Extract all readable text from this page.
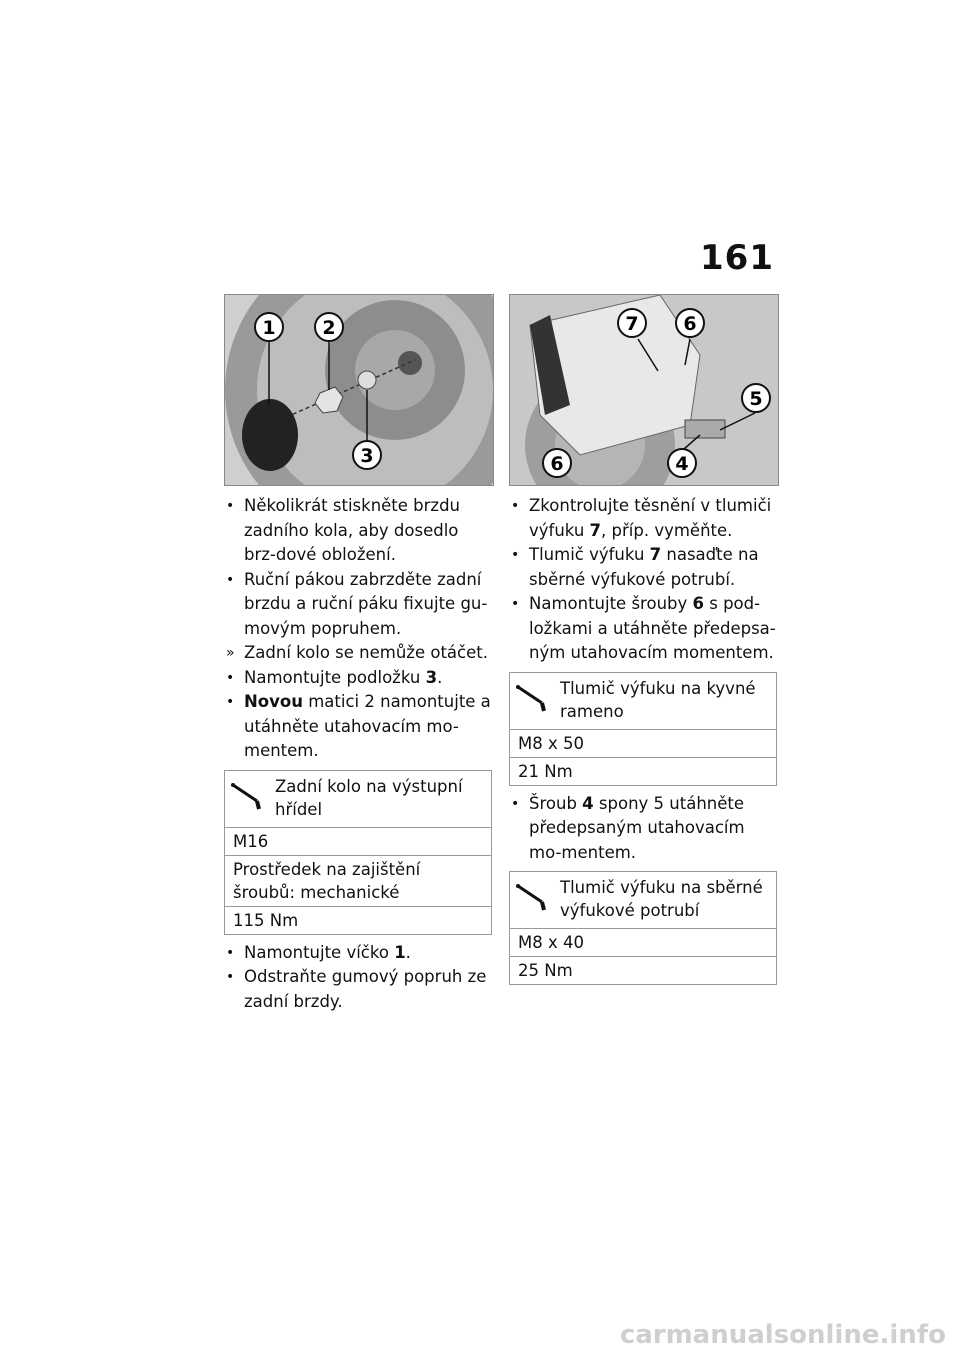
161
1 2
3
• Několikrát stiskněte brzdu zadního kola, aby dosedlo brz-dové obložení.
• Ruční pákou zabrzděte zadní brzdu a ruční páku fixujte gu-movým popruhem.
» Zadní kolo se nemůže otáčet.
• Namontujte podložku 3.
• Novou matici 2 namontujte a utáhněte utahovacím mo-mentem.
Zadní kolo na výstupní hřídel
M16
Prostředek na zajištění šroubů: mechanické
115 Nm
• Namontujte víčko 1.
• Odstraňte gumový popruh ze zadní brzdy.
7 6
5
6	4
• Zkontrolujte těsnění v tlumiči výfuku 7, příp. vyměňte.
• Tlumič výfuku 7 nasaďte na sběrné výfukové potrubí.
• Namontujte šrouby 6 s pod-ložkami a utáhněte předepsa-ným utahovacím momentem.
Tlumič výfuku na kyvné rameno
M8 x 50
21 Nm
• Šroub 4 spony 5 utáhněte předepsaným utahovacím mo-mentem.
Tlumič výfuku na sběrné výfukové potrubí
M8 x 40
25 Nm
carmanualsonline.info
